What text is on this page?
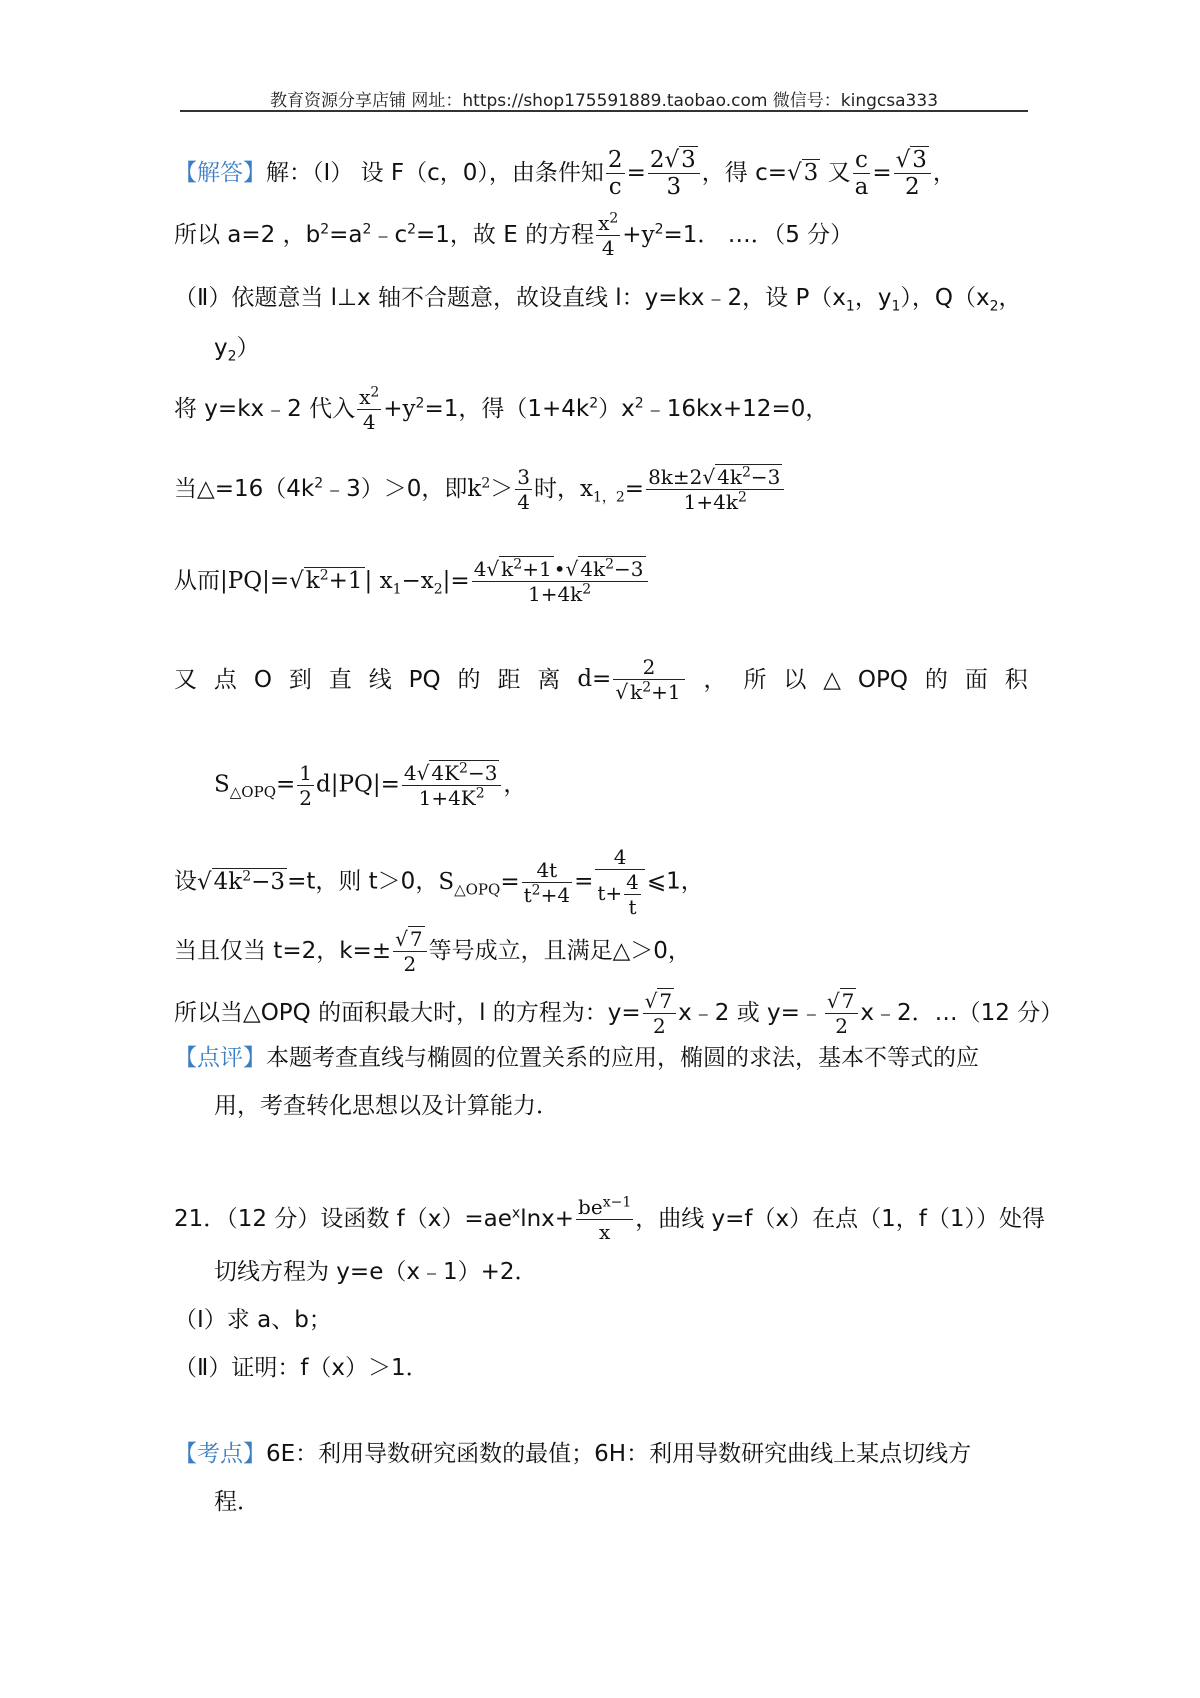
教育资源分享店铺 网址：https://shop175591889.taobao.com 微信号：kingcsa333
【解答】解：（Ⅰ） 设 F（c，0），由条件知 $\frac{2}{c} = \frac{2√3}{3}$ ，得 c=√3 又 $\frac{c}{a} = \frac{√3}{2}$ ，
所以 a=2 ，$b^2=a^2﹣c^2=1$，故 E 的方程 $\frac{x^2}{4} +y^2=1$． …．（5 分）
（Ⅱ）依题意当 l⊥x 轴不合题意，故设直线 l：y=kx﹣2，设 $P(x_1$，$y_1$），$Q(x_2$，
$y_2$）
将 y=kx﹣2 代入 $\frac{x^2}{4} +y^2=1$，得$(1+4k^2)x^2﹣16kx+12=0$，
当$\triangle=16(4k^2﹣3)>0$，即$k^2> \frac{3}{4}$ 时，$x_{1,2}= \frac{8k\pm 2√ 4k^2-3}{1+4k^2}$
从而$|PQ|=√k^2+1|$ $x_1-x_2|= \frac{4√ k^2+1 •√ 4k^2-3}{1+4k^2}$
又 点 O 到 直 线 PQ 的 距 离 $d= \frac{2}{√ k^2+1}$ ， 所 以 △ OPQ 的 面 积
$S_{\triangle OPQ}= \frac{1}{2} d|PQ|= \frac{4√ 4K^2-3}{1+4K^2}$ ，
设$√4k^2-3=t$，则 t＞0，$S_{\triangle OPQ}= \frac{4t}{t^2+4} = \frac{4}{t+ \frac{4}{t}}$ ⩽1，
当且仅当 t=2，$k=\pm \frac{√ 7}{2}$ 等号成立，且满足△＞0，
所以当△OPQ 的面积最大时，l 的方程为：$y= \frac{√ 7}{2}$ x﹣2 或 y=﹣ $\frac{√ 7}{2}$ x﹣2．…（12 分）
【点评】本题考查直线与椭圆的位置关系的应用，椭圆的求法，基本不等式的应
用，考查转化思想以及计算能力．
21．（12 分）设函数 $f(x)=ae^x\ln x+ \frac{be^{x-1}}{x}$ ，曲线 y=f（x）在点（1，f（1））处得
切线方程为 y=e（x﹣1）+2．
（Ⅰ）求 a、b；
（Ⅱ）证明：f（x）＞1．
【考点】6E：利用导数研究函数的最值；6H：利用导数研究曲线上某点切线方
程．
